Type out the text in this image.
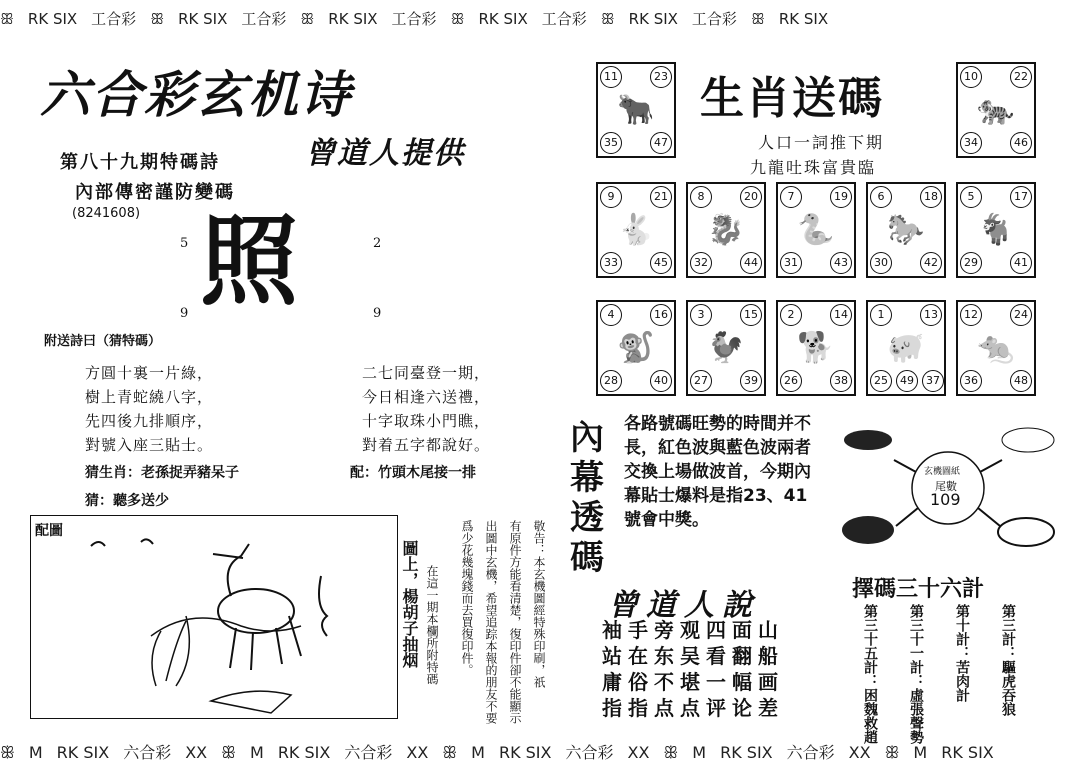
ꕥ RK SIX 工合彩 ꕥ RK SIX 工合彩 ꕥ RK SIX 工合彩 ꕥ RK SIX 工合彩 ꕥ RK SIX 工合彩 ꕥ RK SIX
六合彩玄机诗
曾道人提供
第八十九期特碼詩
內部傳密謹防變碼
(8241608) 照
5	2
9	9
附送詩曰（猜特碼）
方圓十裏一片綠，
樹上青蛇繞八字，
先四後九排順序，
對號入座三貼士。
二七同臺登一期，
今日相逢六送禮，
十字取珠小門瞧，
對着五字都說好。
猜生肖：老孫捉弄豬呆子	配：竹頭木尾接一排
猜：聽多送少
配圖
在這一期本欄所附特碼
圖上，楊胡子抽烟	敬告：本玄機圖經特殊印刷，祇
有原件方能看清楚，復印件卻不能顯示
出圖中玄機，希望追踪本報的朋友不要
爲少花幾塊錢而去買復印件。
生肖送碼
人口一詞推下期
九龍吐珠富貴臨
11	23
35	47
🐂
10	22
34	46
🐅
9	21
33	45
🐇
8	20
32	44
🐉
7	19
31	43
🐍
6	18
30	42
🐎
5	17
29	41
🐐
4	16
28	40
🐒
3	15
27	39
🐓
2	14
26	38
🐕
1	13
25	37
49
🐖
12	24
36	48
🐀
內幕透碼
各路號碼旺勢的時間并不長，紅色波與藍色波兩者交換上場做波首，今期內幕貼士爆料是指23、41號會中獎。
玄機圖紙
尾數
109
曾道人說
袖手旁观四面山
站在东吴看翻船
庸俗不堪一幅画
指指点点评论差
擇碼三十六計
第三計：驅虎吞狼
第十計：苦肉計
第三十一計：虛張聲勢
第三十五計：困魏救趙
ꕥ M RK SIX 六合彩 XX ꕥ M RK SIX 六合彩 XX ꕥ M RK SIX 六合彩 XX ꕥ M RK SIX 六合彩 XX ꕥ M RK SIX
